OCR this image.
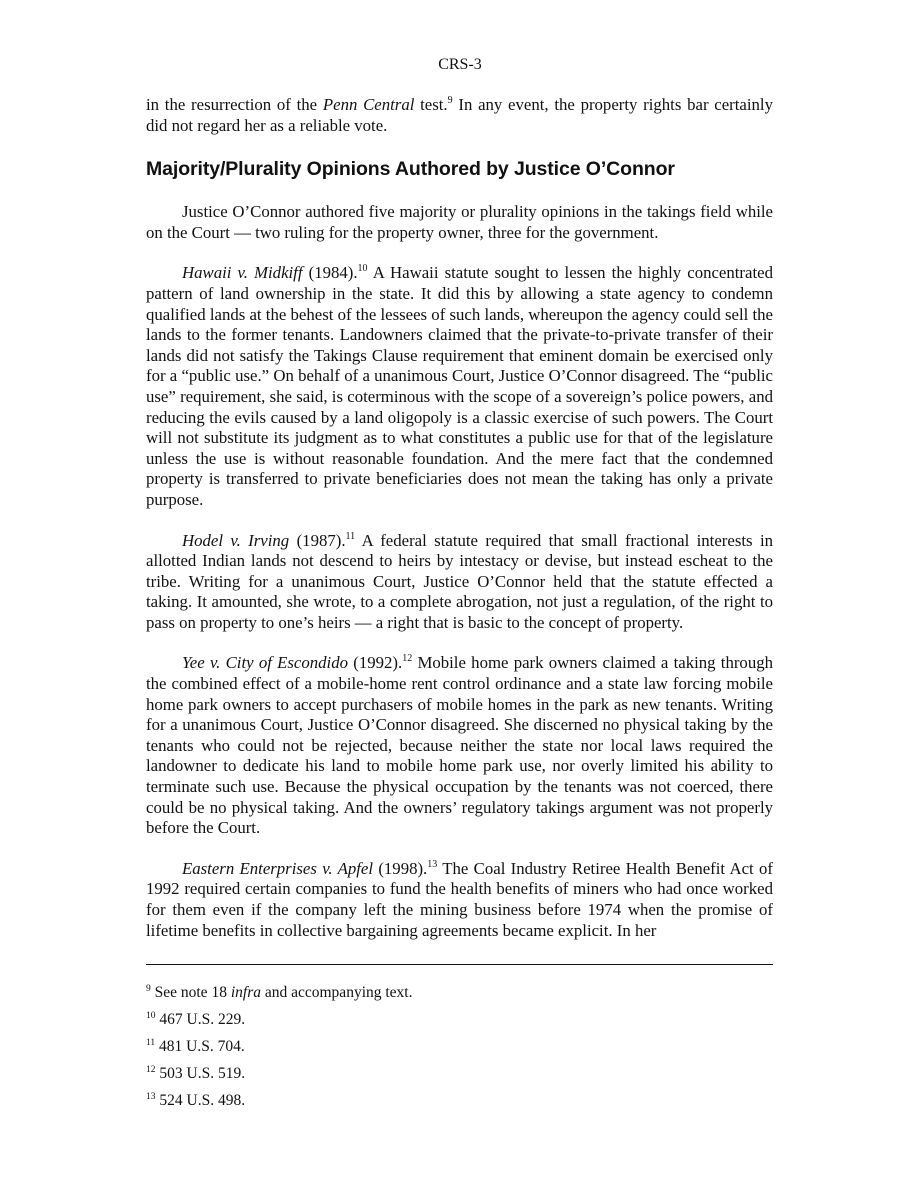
CRS-3

in the resurrection of the Penn Central test.$^9$ In any event, the property rights bar certainly did not regard her as a reliable vote.

Majority/Plurality Opinions Authored by Justice O’Connor

Justice O’Connor authored five majority or plurality opinions in the takings field while on the Court — two ruling for the property owner, three for the government.

Hawaii v. Midkiff (1984).$^{10}$ A Hawaii statute sought to lessen the highly concentrated pattern of land ownership in the state. It did this by allowing a state agency to condemn qualified lands at the behest of the lessees of such lands, whereupon the agency could sell the lands to the former tenants. Landowners claimed that the private-to-private transfer of their lands did not satisfy the Takings Clause requirement that eminent domain be exercised only for a “public use.” On behalf of a unanimous Court, Justice O’Connor disagreed. The “public use” requirement, she said, is coterminous with the scope of a sovereign’s police powers, and reducing the evils caused by a land oligopoly is a classic exercise of such powers. The Court will not substitute its judgment as to what constitutes a public use for that of the legislature unless the use is without reasonable foundation. And the mere fact that the condemned property is transferred to private beneficiaries does not mean the taking has only a private purpose.

Hodel v. Irving (1987).$^{11}$ A federal statute required that small fractional interests in allotted Indian lands not descend to heirs by intestacy or devise, but instead escheat to the tribe. Writing for a unanimous Court, Justice O’Connor held that the statute effected a taking. It amounted, she wrote, to a complete abrogation, not just a regulation, of the right to pass on property to one’s heirs — a right that is basic to the concept of property.

Yee v. City of Escondido (1992).$^{12}$ Mobile home park owners claimed a taking through the combined effect of a mobile-home rent control ordinance and a state law forcing mobile home park owners to accept purchasers of mobile homes in the park as new tenants. Writing for a unanimous Court, Justice O’Connor disagreed. She discerned no physical taking by the tenants who could not be rejected, because neither the state nor local laws required the landowner to dedicate his land to mobile home park use, nor overly limited his ability to terminate such use. Because the physical occupation by the tenants was not coerced, there could be no physical taking. And the owners’ regulatory takings argument was not properly before the Court.

Eastern Enterprises v. Apfel (1998).$^{13}$ The Coal Industry Retiree Health Benefit Act of 1992 required certain companies to fund the health benefits of miners who had once worked for them even if the company left the mining business before 1974 when the promise of lifetime benefits in collective bargaining agreements became explicit. In her

$^9$ See note 18 infra and accompanying text.

$^{10}$ 467 U.S. 229.

$^{11}$ 481 U.S. 704.

$^{12}$ 503 U.S. 519.

$^{13}$ 524 U.S. 498.
